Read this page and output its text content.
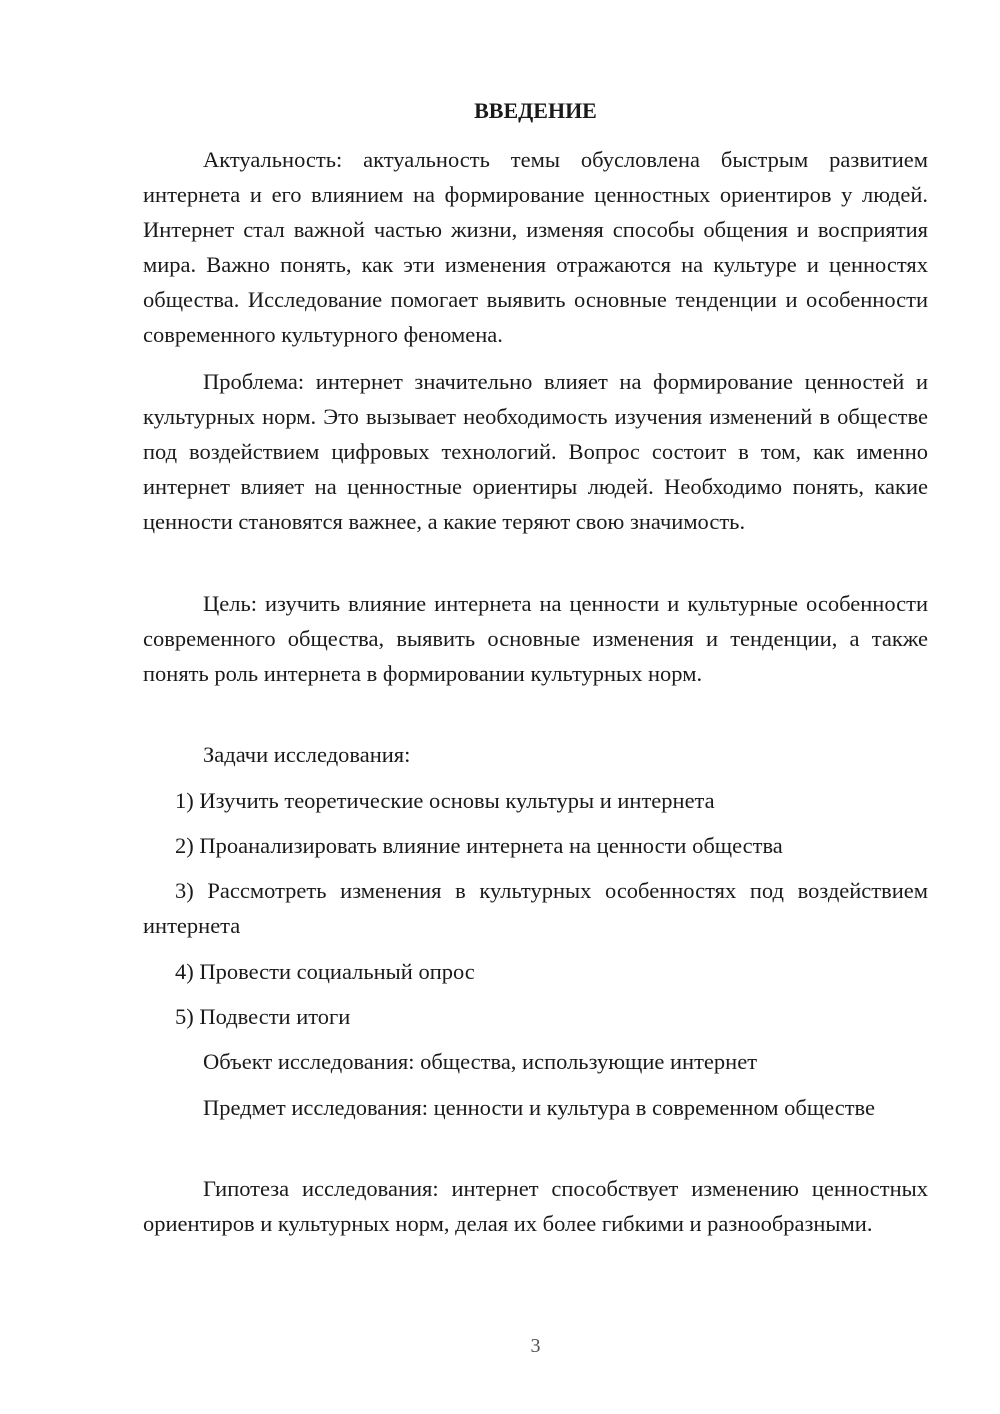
ВВЕДЕНИЕ

Актуальность: актуальность темы обусловлена быстрым развитием интернета и его влиянием на формирование ценностных ориентиров у людей. Интернет стал важной частью жизни, изменяя способы общения и восприятия мира. Важно понять, как эти изменения отражаются на культуре и ценностях общества. Исследование помогает выявить основные тенденции и особенности современного культурного феномена.

Проблема: интернет значительно влияет на формирование ценностей и культурных норм. Это вызывает необходимость изучения изменений в обществе под воздействием цифровых технологий. Вопрос состоит в том, как именно интернет влияет на ценностные ориентиры людей. Необходимо понять, какие ценности становятся важнее, а какие теряют свою значимость.

Цель: изучить влияние интернета на ценности и культурные особенности современного общества, выявить основные изменения и тенденции, а также понять роль интернета в формировании культурных норм.

Задачи исследования:

1) Изучить теоретические основы культуры и интернета

2) Проанализировать влияние интернета на ценности общества

3) Рассмотреть изменения в культурных особенностях под воздействием интернета

4) Провести социальный опрос

5) Подвести итоги

Объект исследования: общества, использующие интернет

Предмет исследования: ценности и культура в современном обществе

Гипотеза исследования: интернет способствует изменению ценностных ориентиров и культурных норм, делая их более гибкими и разнообразными.

3
